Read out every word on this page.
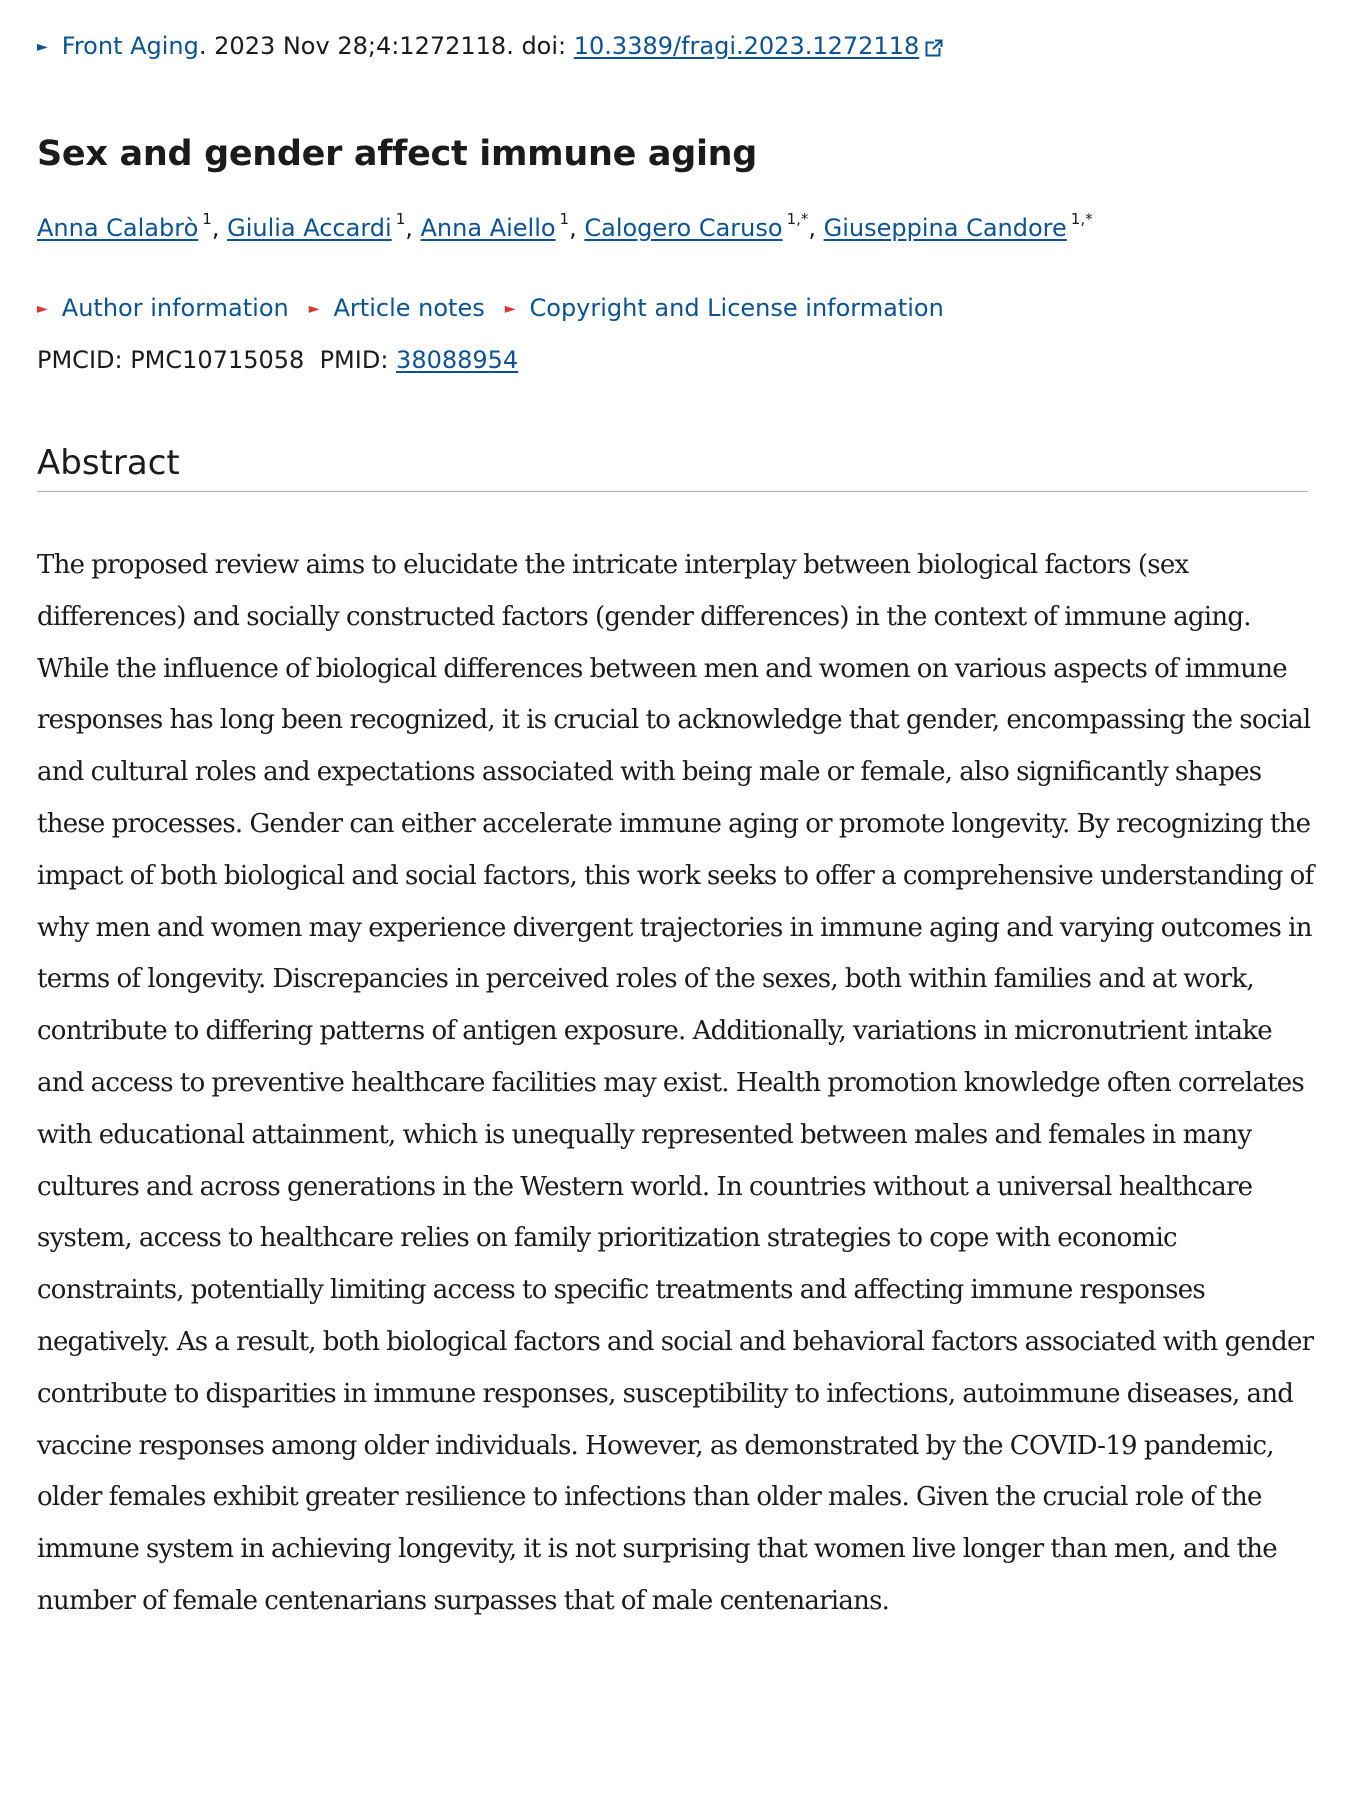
► Front Aging. 2023 Nov 28;4:1272118. doi: 10.3389/fragi.2023.1272118
Sex and gender affect immune aging
Anna Calabrò $^1$, Giulia Accardi $^1$, Anna Aiello $^1$, Calogero Caruso $^{1,*}$, Giuseppina Candore $^{1,*}$
► Author information ► Article notes ► Copyright and License information
PMCID: PMC10715058 PMID: 38088954
Abstract

The proposed review aims to elucidate the intricate interplay between biological factors (sex differences) and socially constructed factors (gender differences) in the context of immune aging. While the influence of biological differences between men and women on various aspects of immune responses has long been recognized, it is crucial to acknowledge that gender, encompassing the social and cultural roles and expectations associated with being male or female, also significantly shapes these processes. Gender can either accelerate immune aging or promote longevity. By recognizing the impact of both biological and social factors, this work seeks to offer a comprehensive understanding of why men and women may experience divergent trajectories in immune aging and varying outcomes in terms of longevity. Discrepancies in perceived roles of the sexes, both within families and at work, contribute to differing patterns of antigen exposure. Additionally, variations in micronutrient intake and access to preventive healthcare facilities may exist. Health promotion knowledge often correlates with educational attainment, which is unequally represented between males and females in many cultures and across generations in the Western world. In countries without a universal healthcare system, access to healthcare relies on family prioritization strategies to cope with economic constraints, potentially limiting access to specific treatments and affecting immune responses negatively. As a result, both biological factors and social and behavioral factors associated with gender contribute to disparities in immune responses, susceptibility to infections, autoimmune diseases, and vaccine responses among older individuals. However, as demonstrated by the COVID-19 pandemic, older females exhibit greater resilience to infections than older males. Given the crucial role of the immune system in achieving longevity, it is not surprising that women live longer than men, and the number of female centenarians surpasses that of male centenarians.
